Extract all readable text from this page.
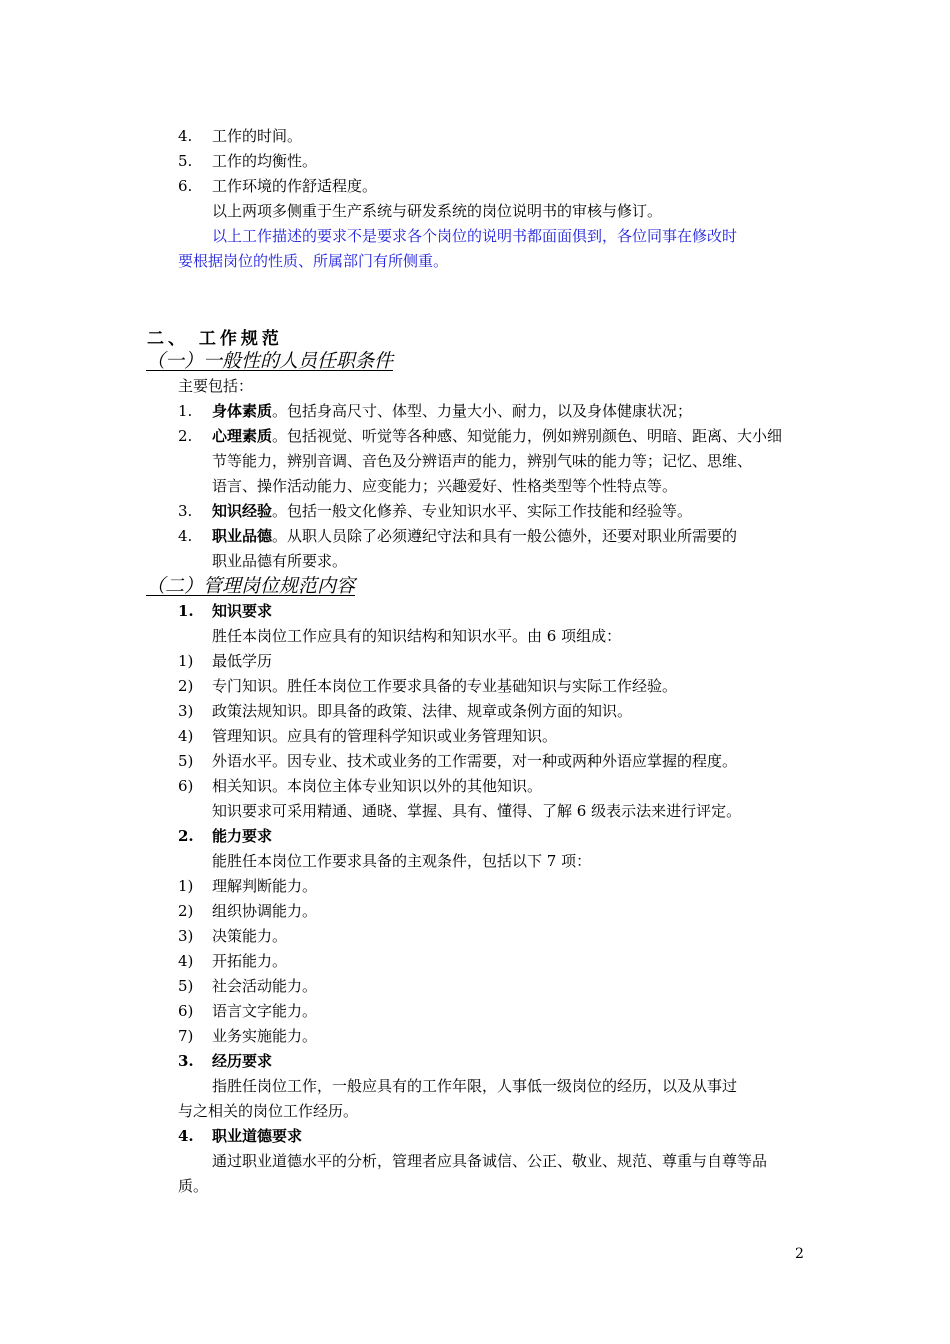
4. 工作的时间。
5. 工作的均衡性。
6. 工作环境的作舒适程度。
以上两项多侧重于生产系统与研发系统的岗位说明书的审核与修订。
以上工作描述的要求不是要求各个岗位的说明书都面面俱到，各位同事在修改时
要根据岗位的性质、所属部门有所侧重。
二、 工作规范
（一）一般性的人员任职条件
主要包括：
1. 身体素质。包括身高尺寸、体型、力量大小、耐力，以及身体健康状况；
2. 心理素质。包括视觉、听觉等各种感、知觉能力，例如辨别颜色、明暗、距离、大小细
节等能力，辨别音调、音色及分辨语声的能力，辨别气味的能力等；记忆、思维、
语言、操作活动能力、应变能力；兴趣爱好、性格类型等个性特点等。
3. 知识经验。包括一般文化修养、专业知识水平、实际工作技能和经验等。
4. 职业品德。从职人员除了必须遵纪守法和具有一般公德外，还要对职业所需要的
职业品德有所要求。
（二）管理岗位规范内容
1. 知识要求
胜任本岗位工作应具有的知识结构和知识水平。由 6 项组成：
1) 最低学历
2) 专门知识。胜任本岗位工作要求具备的专业基础知识与实际工作经验。
3) 政策法规知识。即具备的政策、法律、规章或条例方面的知识。
4) 管理知识。应具有的管理科学知识或业务管理知识。
5) 外语水平。因专业、技术或业务的工作需要，对一种或两种外语应掌握的程度。
6) 相关知识。本岗位主体专业知识以外的其他知识。
知识要求可采用精通、通晓、掌握、具有、懂得、了解 6 级表示法来进行评定。
2. 能力要求
能胜任本岗位工作要求具备的主观条件，包括以下 7 项：
1) 理解判断能力。
2) 组织协调能力。
3) 决策能力。
4) 开拓能力。
5) 社会活动能力。
6) 语言文字能力。
7) 业务实施能力。
3. 经历要求
指胜任岗位工作，一般应具有的工作年限，人事低一级岗位的经历，以及从事过
与之相关的岗位工作经历。
4. 职业道德要求
通过职业道德水平的分析，管理者应具备诚信、公正、敬业、规范、尊重与自尊等品
质。
2
